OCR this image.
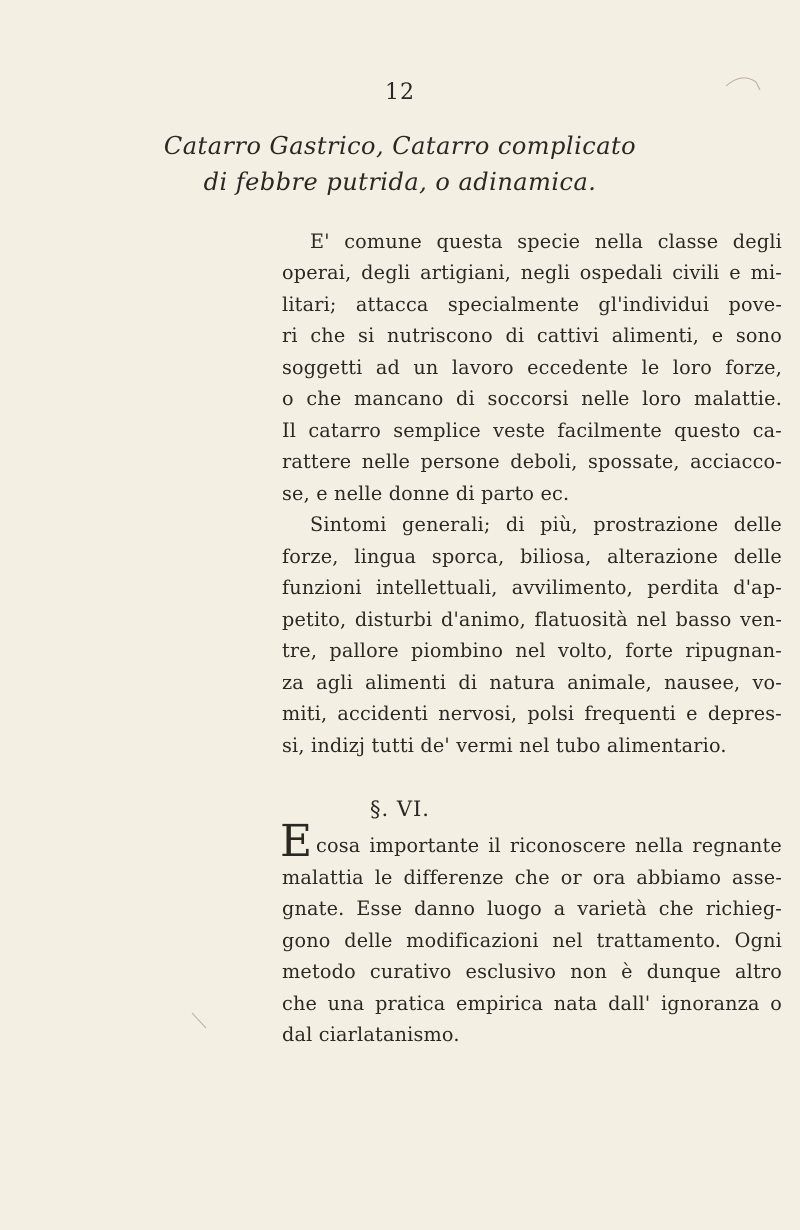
12
Catarro Gastrico, Catarro complicato
di febbre putrida, o adinamica.
E' comune questa specie nella classe degli
operai, degli artigiani, negli ospedali civili e mi-
litari; attacca specialmente gl'individui pove-
ri che si nutriscono di cattivi alimenti, e sono
soggetti ad un lavoro eccedente le loro forze,
o che mancano di soccorsi nelle loro malattie.
Il catarro semplice veste facilmente questo ca-
rattere nelle persone deboli, spossate, acciacco-
se, e nelle donne di parto ec.
Sintomi generali; di più, prostrazione delle
forze, lingua sporca, biliosa, alterazione delle
funzioni intellettuali, avvilimento, perdita d'ap-
petito, disturbi d'animo, flatuosità nel basso ven-
tre, pallore piombino nel volto, forte ripugnan-
za agli alimenti di natura animale, nausee, vo-
miti, accidenti nervosi, polsi frequenti e depres-
si, indizj tutti de' vermi nel tubo alimentario.
§. VI.
E cosa importante il riconoscere nella regnante
malattia le differenze che or ora abbiamo asse-
gnate. Esse danno luogo a varietà che richieg-
gono delle modificazioni nel trattamento. Ogni
metodo curativo esclusivo non è dunque altro
che una pratica empirica nata dall' ignoranza o
dal ciarlatanismo.
